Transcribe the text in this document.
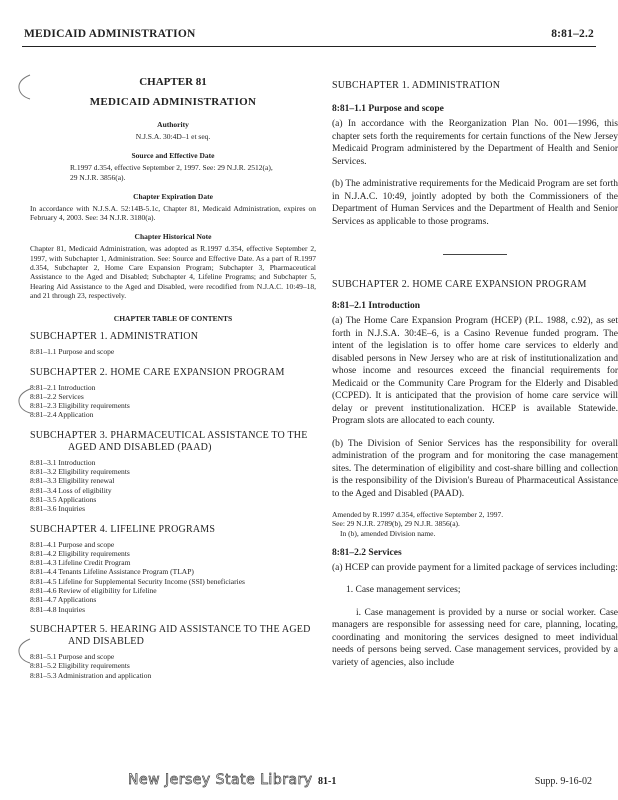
MEDICAID ADMINISTRATION	8:81–2.2
CHAPTER 81
MEDICAID ADMINISTRATION
Authority
N.J.S.A. 30:4D–1 et seq.
Source and Effective Date
R.1997 d.354, effective September 2, 1997. See: 29 N.J.R. 2512(a), 29 N.J.R. 3856(a).
Chapter Expiration Date
In accordance with N.J.S.A. 52:14B-5.1c, Chapter 81, Medicaid Administration, expires on February 4, 2003. See: 34 N.J.R. 3180(a).
Chapter Historical Note
Chapter 81, Medicaid Administration, was adopted as R.1997 d.354, effective September 2, 1997, with Subchapter 1, Administration. See: Source and Effective Date. As a part of R.1997 d.354, Subchapter 2, Home Care Expansion Program; Subchapter 3, Pharmaceutical Assistance to the Aged and Disabled; Subchapter 4, Lifeline Programs; and Subchapter 5, Hearing Aid Assistance to the Aged and Disabled, were recodified from N.J.A.C. 10:49–18, and 21 through 23, respectively.
CHAPTER TABLE OF CONTENTS
SUBCHAPTER 1. ADMINISTRATION
8:81–1.1 Purpose and scope
SUBCHAPTER 2. HOME CARE EXPANSION PROGRAM
8:81–2.1 Introduction
8:81–2.2 Services
8:81–2.3 Eligibility requirements
8:81–2.4 Application
SUBCHAPTER 3. PHARMACEUTICAL ASSISTANCE TO THE AGED AND DISABLED (PAAD)
8:81–3.1 Introduction
8:81–3.2 Eligibility requirements
8:81–3.3 Eligibility renewal
8:81–3.4 Loss of eligibility
8:81–3.5 Applications
8:81–3.6 Inquiries
SUBCHAPTER 4. LIFELINE PROGRAMS
8:81–4.1 Purpose and scope
8:81–4.2 Eligibility requirements
8:81–4.3 Lifeline Credit Program
8:81–4.4 Tenants Lifeline Assistance Program (TLAP)
8:81–4.5 Lifeline for Supplemental Security Income (SSI) beneficiaries
8:81–4.6 Review of eligibility for Lifeline
8:81–4.7 Applications
8:81–4.8 Inquiries
SUBCHAPTER 5. HEARING AID ASSISTANCE TO THE AGED AND DISABLED
8:81–5.1 Purpose and scope
8:81–5.2 Eligibility requirements
8:81–5.3 Administration and application
SUBCHAPTER 1. ADMINISTRATION
8:81–1.1 Purpose and scope
(a) In accordance with the Reorganization Plan No. 001—1996, this chapter sets forth the requirements for certain functions of the New Jersey Medicaid Program administered by the Department of Health and Senior Services.
(b) The administrative requirements for the Medicaid Program are set forth in N.J.A.C. 10:49, jointly adopted by both the Commissioners of the Department of Human Services and the Department of Health and Senior Services as applicable to those programs.
SUBCHAPTER 2. HOME CARE EXPANSION PROGRAM
8:81–2.1 Introduction
(a) The Home Care Expansion Program (HCEP) (P.L. 1988, c.92), as set forth in N.J.S.A. 30:4E–6, is a Casino Revenue funded program. The intent of the legislation is to offer home care services to elderly and disabled persons in New Jersey who are at risk of institutionalization and whose income and resources exceed the financial requirements for Medicaid or the Community Care Program for the Elderly and Disabled (CCPED). It is anticipated that the provision of home care service will delay or prevent institutionalization. HCEP is available Statewide. Program slots are allocated to each county.
(b) The Division of Senior Services has the responsibility for overall administration of the program and for monitoring the case management sites. The determination of eligibility and cost-share billing and collection is the responsibility of the Division's Bureau of Pharmaceutical Assistance to the Aged and Disabled (PAAD).
Amended by R.1997 d.354, effective September 2, 1997.
See: 29 N.J.R. 2789(b), 29 N.J.R. 3856(a).
In (b), amended Division name.
8:81–2.2 Services
(a) HCEP can provide payment for a limited package of services including:
1. Case management services;
i. Case management is provided by a nurse or social worker. Case managers are responsible for assessing need for care, planning, locating, coordinating and monitoring the services designed to meet individual needs of persons being served. Case management services, provided by a variety of agencies, also include
New Jersey State Library 81-1	Supp. 9-16-02
